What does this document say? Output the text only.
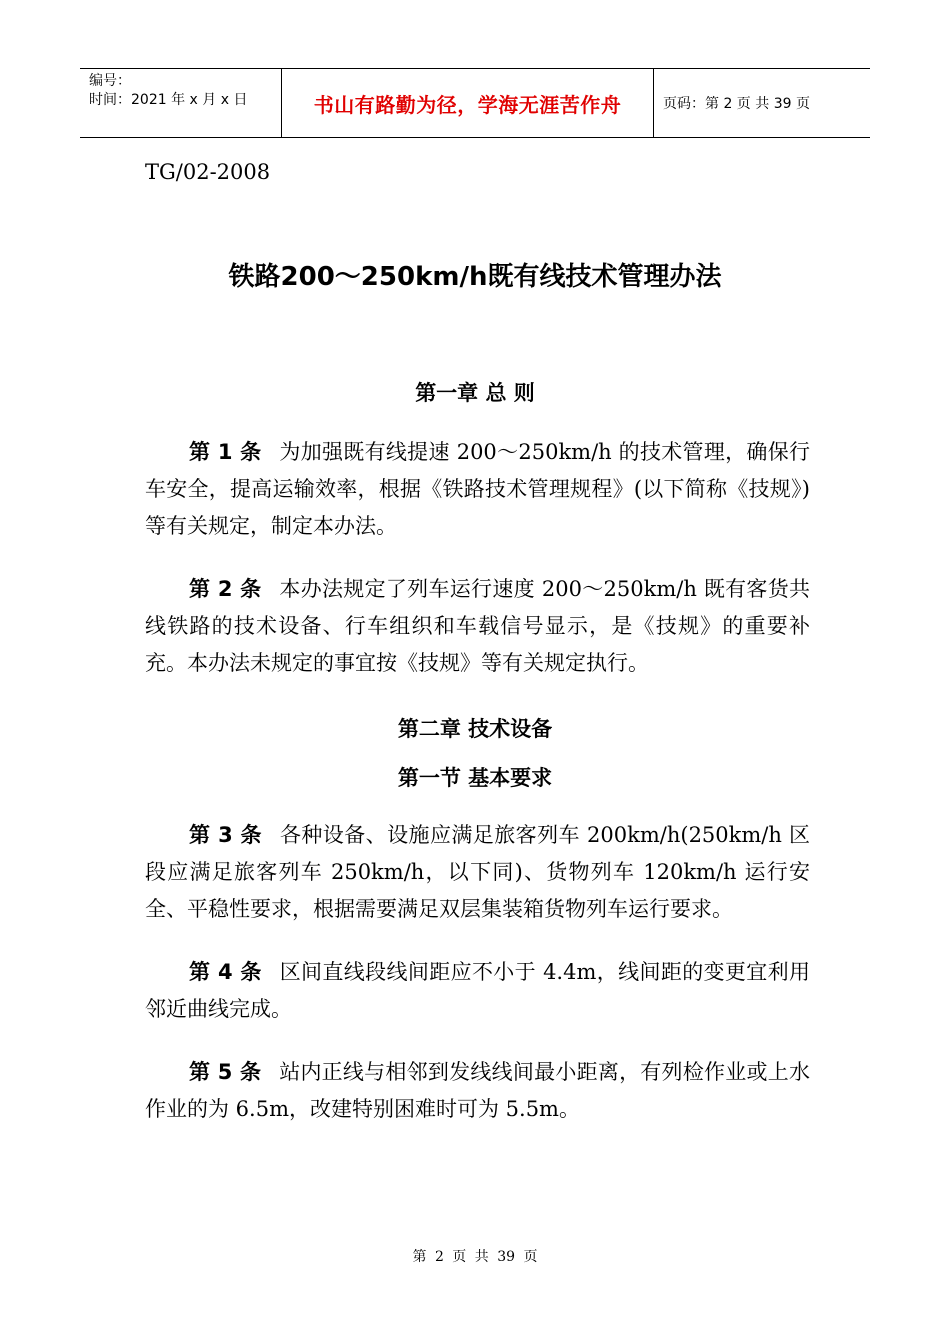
编号：
时间：2021 年 x 月 x 日	书山有路勤为径，学海无涯苦作舟	页码：第 2 页 共 39 页
TG/02-2008
铁路200～250km/h既有线技术管理办法
第一章 总 则
第 1 条 为加强既有线提速 200～250km/h 的技术管理，确保行车安全，提高运输效率，根据《铁路技术管理规程》(以下简称《技规》)等有关规定，制定本办法。
第 2 条 本办法规定了列车运行速度 200～250km/h 既有客货共线铁路的技术设备、行车组织和车载信号显示，是《技规》的重要补充。本办法未规定的事宜按《技规》等有关规定执行。
第二章 技术设备
第一节 基本要求
第 3 条 各种设备、设施应满足旅客列车 200km/h(250km/h 区段应满足旅客列车 250km/h，以下同)、货物列车 120km/h 运行安全、平稳性要求，根据需要满足双层集装箱货物列车运行要求。
第 4 条 区间直线段线间距应不小于 4.4m，线间距的变更宜利用邻近曲线完成。
第 5 条 站内正线与相邻到发线线间最小距离，有列检作业或上水作业的为 6.5m，改建特别困难时可为 5.5m。
第 2 页 共 39 页
